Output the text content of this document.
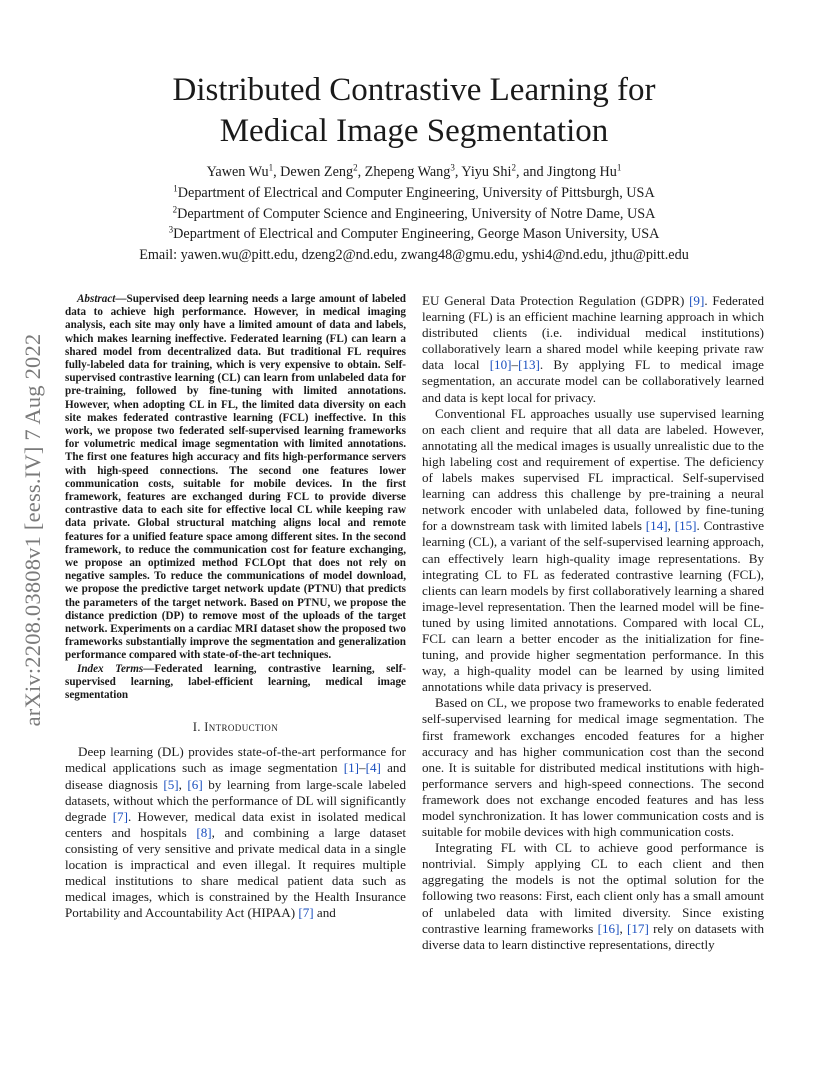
arXiv:2208.03808v1 [eess.IV] 7 Aug 2022
Distributed Contrastive Learning for
Medical Image Segmentation
Yawen Wu$^1$, Dewen Zeng$^2$, Zhepeng Wang$^3$, Yiyu Shi$^2$, and Jingtong Hu$^1$
$^1$Department of Electrical and Computer Engineering, University of Pittsburgh, USA
$^2$Department of Computer Science and Engineering, University of Notre Dame, USA
$^3$Department of Electrical and Computer Engineering, George Mason University, USA
Email: yawen.wu@pitt.edu, dzeng2@nd.edu, zwang48@gmu.edu, yshi4@nd.edu, jthu@pitt.edu

Abstract—Supervised deep learning needs a large amount of labeled data to achieve high performance. However, in medical imaging analysis, each site may only have a limited amount of data and labels, which makes learning ineffective. Federated learning (FL) can learn a shared model from decentralized data. But traditional FL requires fully-labeled data for training, which is very expensive to obtain. Self-supervised contrastive learning (CL) can learn from unlabeled data for pre-training, followed by fine-tuning with limited annotations. However, when adopting CL in FL, the limited data diversity on each site makes federated contrastive learning (FCL) ineffective. In this work, we propose two federated self-supervised learning frameworks for volumetric medical image segmentation with limited annotations. The first one features high accuracy and fits high-performance servers with high-speed connections. The second one features lower communication costs, suitable for mobile devices. In the first framework, features are exchanged during FCL to provide diverse contrastive data to each site for effective local CL while keeping raw data private. Global structural matching aligns local and remote features for a unified feature space among different sites. In the second framework, to reduce the communication cost for feature exchanging, we propose an optimized method FCLOpt that does not rely on negative samples. To reduce the communications of model download, we propose the predictive target network update (PTNU) that predicts the parameters of the target network. Based on PTNU, we propose the distance prediction (DP) to remove most of the uploads of the target network. Experiments on a cardiac MRI dataset show the proposed two frameworks substantially improve the segmentation and generalization performance compared with state-of-the-art techniques.

Index Terms—Federated learning, contrastive learning, self-supervised learning, label-efficient learning, medical image segmentation

I. Introduction

Deep learning (DL) provides state-of-the-art performance for medical applications such as image segmentation [1]–[4] and disease diagnosis [5], [6] by learning from large-scale labeled datasets, without which the performance of DL will significantly degrade [7]. However, medical data exist in isolated medical centers and hospitals [8], and combining a large dataset consisting of very sensitive and private medical data in a single location is impractical and even illegal. It requires multiple medical institutions to share medical patient data such as medical images, which is constrained by the Health Insurance Portability and Accountability Act (HIPAA) [7] and

EU General Data Protection Regulation (GDPR) [9]. Federated learning (FL) is an efficient machine learning approach in which distributed clients (i.e. individual medical institutions) collaboratively learn a shared model while keeping private raw data local [10]–[13]. By applying FL to medical image segmentation, an accurate model can be collaboratively learned and data is kept local for privacy.

Conventional FL approaches usually use supervised learning on each client and require that all data are labeled. However, annotating all the medical images is usually unrealistic due to the high labeling cost and requirement of expertise. The deficiency of labels makes supervised FL impractical. Self-supervised learning can address this challenge by pre-training a neural network encoder with unlabeled data, followed by fine-tuning for a downstream task with limited labels [14], [15]. Contrastive learning (CL), a variant of the self-supervised learning approach, can effectively learn high-quality image representations. By integrating CL to FL as federated contrastive learning (FCL), clients can learn models by first collaboratively learning a shared image-level representation. Then the learned model will be fine-tuned by using limited annotations. Compared with local CL, FCL can learn a better encoder as the initialization for fine-tuning, and provide higher segmentation performance. In this way, a high-quality model can be learned by using limited annotations while data privacy is preserved.

Based on CL, we propose two frameworks to enable federated self-supervised learning for medical image segmentation. The first framework exchanges encoded features for a higher accuracy and has higher communication cost than the second one. It is suitable for distributed medical institutions with high-performance servers and high-speed connections. The second framework does not exchange encoded features and has less model synchronization. It has lower communication costs and is suitable for mobile devices with high communication costs.

Integrating FL with CL to achieve good performance is nontrivial. Simply applying CL to each client and then aggregating the models is not the optimal solution for the following two reasons: First, each client only has a small amount of unlabeled data with limited diversity. Since existing contrastive learning frameworks [16], [17] rely on datasets with diverse data to learn distinctive representations, directly
